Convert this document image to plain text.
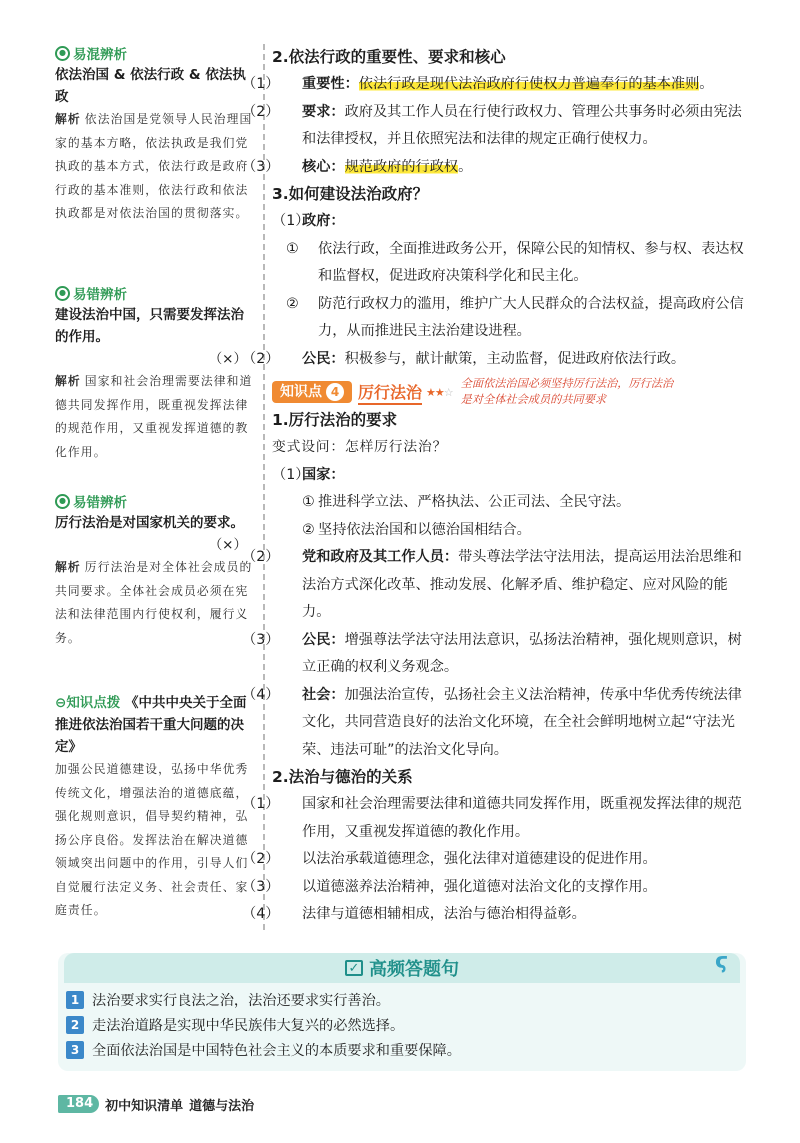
● 易混辨析
依法治国 & 依法行政 & 依法执政
解析 依法治国是党领导人民治理国家的基本方略，依法执政是我们党执政的基本方式，依法行政是政府行政的基本准则，依法行政和依法执政都是对依法治国的贯彻落实。
● 易错辨析
建设法治中国，只需要发挥法治的作用。
（×）
解析 国家和社会治理需要法律和道德共同发挥作用，既重视发挥法律的规范作用，又重视发挥道德的教化作用。
● 易错辨析
厉行法治是对国家机关的要求。
（×）
解析 厉行法治是对全体社会成员的共同要求。全体社会成员必须在宪法和法律范围内行使权利，履行义务。
⊖知识点拨 《中共中央关于全面推进依法治国若干重大问题的决定》
加强公民道德建设，弘扬中华优秀传统文化，增强法治的道德底蕴，强化规则意识，倡导契约精神，弘扬公序良俗。发挥法治在解决道德领域突出问题中的作用，引导人们自觉履行法定义务、社会责任、家庭责任。
2.依法行政的重要性、要求和核心
（1） 重要性：依法行政是现代法治政府行使权力普遍奉行的基本准则。
（2） 要求：政府及其工作人员在行使行政权力、管理公共事务时必须由宪法和法律授权，并且依照宪法和法律的规定正确行使权力。
（3） 核心：规范政府的行政权。
3.如何建设法治政府？
（1）政府：
① 依法行政，全面推进政务公开，保障公民的知情权、参与权、表达权和监督权，促进政府决策科学化和民主化。
② 防范行政权力的滥用，维护广大人民群众的合法权益，提高政府公信力，从而推进民主法治建设进程。
（2） 公民：积极参与，献计献策，主动监督，促进政府依法行政。
知识点 4	厉行法治 ★★☆
全面依法治国必须坚持厉行法治，厉行法治
是对全体社会成员的共同要求
1.厉行法治的要求
变式设问：怎样厉行法治？
（1）国家：
① 推进科学立法、严格执法、公正司法、全民守法。
② 坚持依法治国和以德治国相结合。
（2） 党和政府及其工作人员：带头尊法学法守法用法，提高运用法治思维和法治方式深化改革、推动发展、化解矛盾、维护稳定、应对风险的能力。
（3） 公民：增强尊法学法守法用法意识，弘扬法治精神，强化规则意识，树立正确的权利义务观念。
（4） 社会：加强法治宣传，弘扬社会主义法治精神，传承中华优秀传统法律文化，共同营造良好的法治文化环境，在全社会鲜明地树立起“守法光荣、违法可耻”的法治文化导向。
2.法治与德治的关系
（1） 国家和社会治理需要法律和道德共同发挥作用，既重视发挥法律的规范作用，又重视发挥道德的教化作用。
（2） 以法治承载道德理念，强化法律对道德建设的促进作用。
（3） 以道德滋养法治精神，强化道德对法治文化的支撑作用。
（4） 法律与道德相辅相成，法治与德治相得益彰。
✓ 高频答题句	ϛ
1 法治要求实行良法之治，法治还要求实行善治。
2 走法治道路是实现中华民族伟大复兴的必然选择。
3 全面依法治国是中国特色社会主义的本质要求和重要保障。
184 初中知识清单 道德与法治
